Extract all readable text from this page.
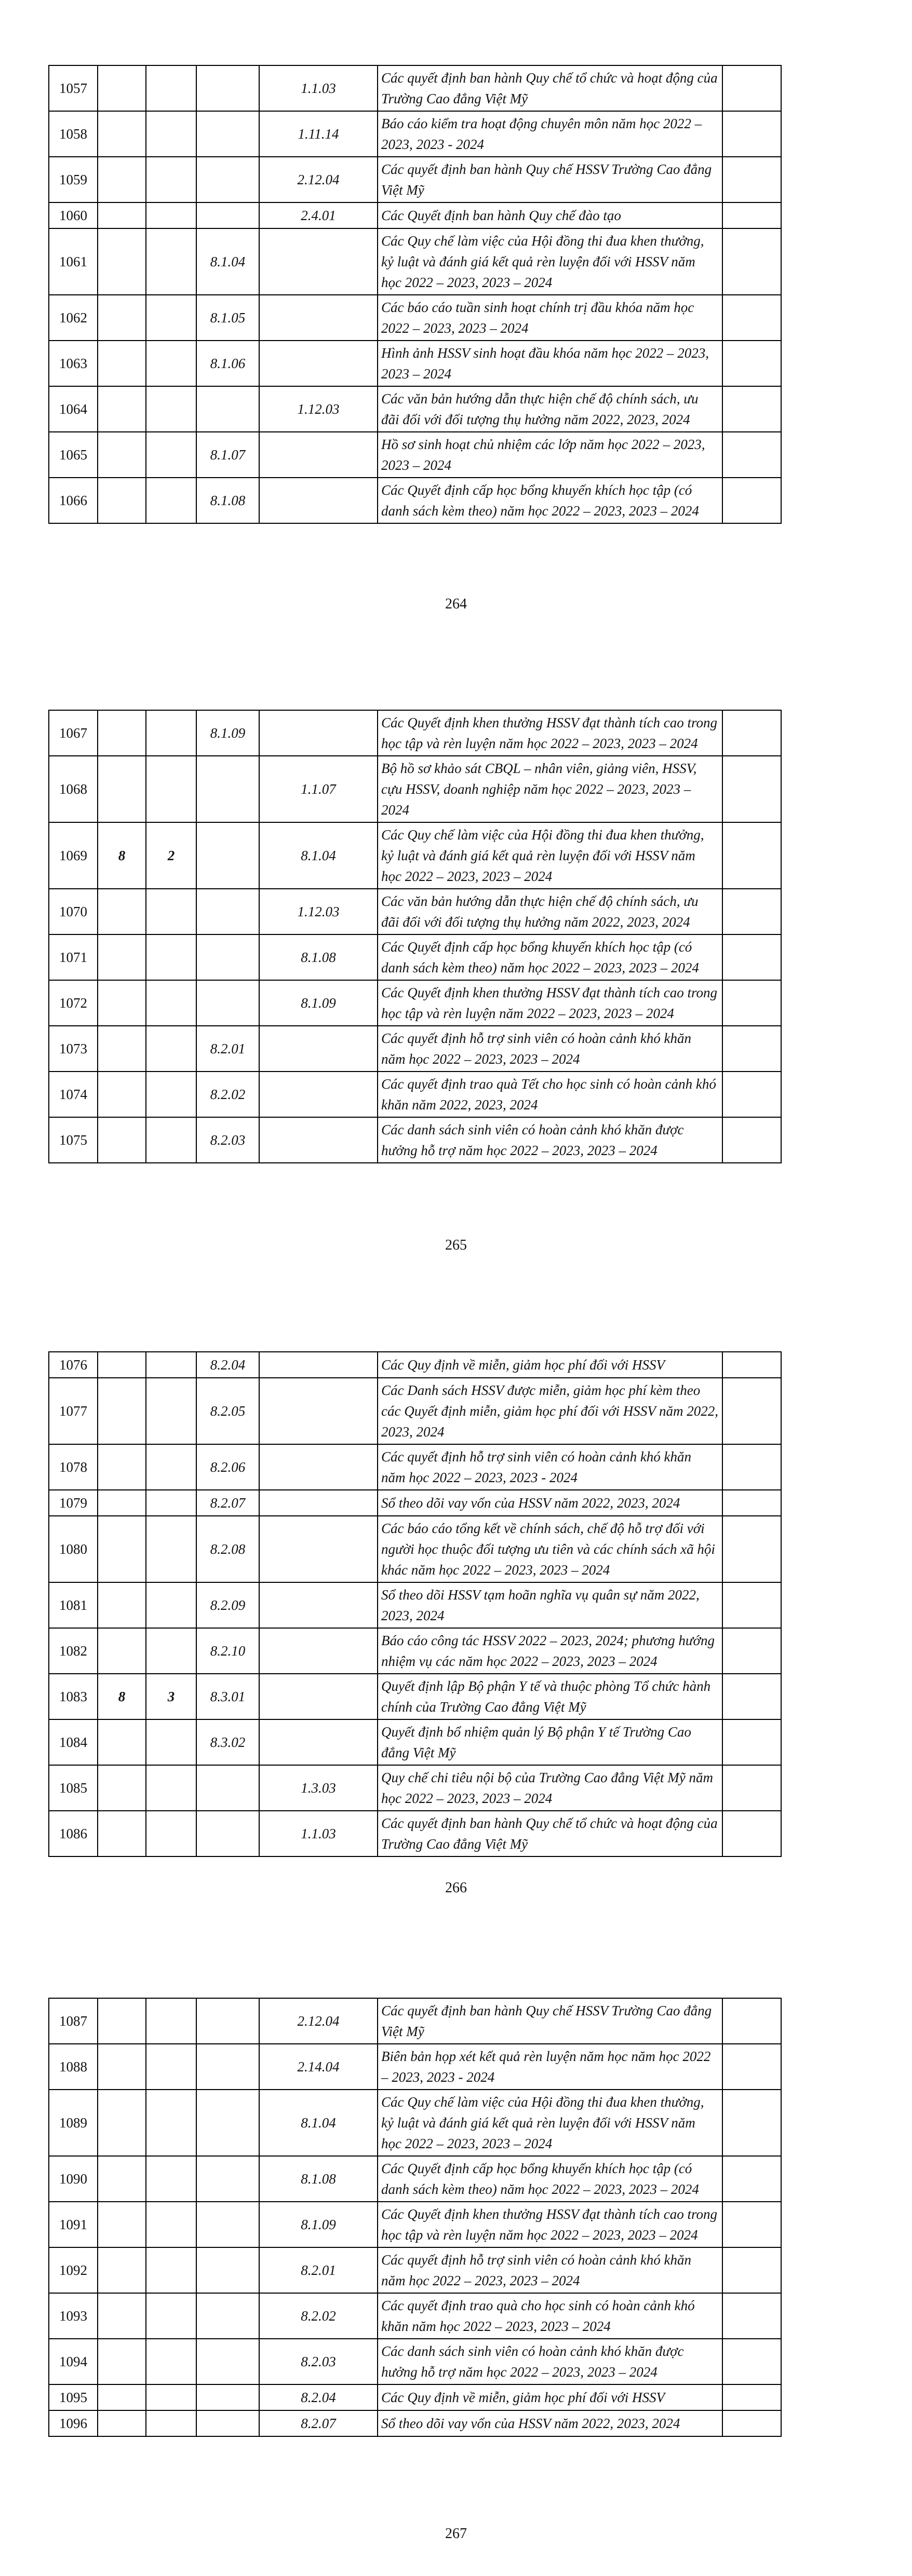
1057				1.1.03	Các quyết định ban hành Quy chế tổ chức và hoạt động của Trường Cao đẳng Việt Mỹ	
1058				1.11.14	Báo cáo kiểm tra hoạt động chuyên môn năm học 2022 – 2023, 2023 - 2024	
1059				2.12.04	Các quyết định ban hành Quy chế HSSV Trường Cao đẳng Việt Mỹ	
1060				2.4.01	Các Quyết định ban hành Quy chế đào tạo	
1061			8.1.04		Các Quy chế làm việc của Hội đồng thi đua khen thưởng, kỷ luật và đánh giá kết quả rèn luyện đối với HSSV năm học 2022 – 2023, 2023 – 2024	
1062			8.1.05		Các báo cáo tuần sinh hoạt chính trị đầu khóa năm học 2022 – 2023, 2023 – 2024	
1063			8.1.06		Hình ảnh HSSV sinh hoạt đầu khóa năm học 2022 – 2023, 2023 – 2024	
1064				1.12.03	Các văn bản hướng dẫn thực hiện chế độ chính sách, ưu đãi đối với đối tượng thụ hưởng năm 2022, 2023, 2024	
1065			8.1.07		Hồ sơ sinh hoạt chủ nhiệm các lớp năm học 2022 – 2023, 2023 – 2024	
1066			8.1.08		Các Quyết định cấp học bổng khuyến khích học tập (có danh sách kèm theo) năm học 2022 – 2023, 2023 – 2024	
264
1067			8.1.09		Các Quyết định khen thưởng HSSV đạt thành tích cao trong học tập và rèn luyện năm học 2022 – 2023, 2023 – 2024	
1068				1.1.07	Bộ hồ sơ khảo sát CBQL – nhân viên, giảng viên, HSSV, cựu HSSV, doanh nghiệp năm học 2022 – 2023, 2023 – 2024	
1069	8	2		8.1.04	Các Quy chế làm việc của Hội đồng thi đua khen thưởng, kỷ luật và đánh giá kết quả rèn luyện đối với HSSV năm học 2022 – 2023, 2023 – 2024	
1070				1.12.03	Các văn bản hướng dẫn thực hiện chế độ chính sách, ưu đãi đối với đối tượng thụ hưởng năm 2022, 2023, 2024	
1071				8.1.08	Các Quyết định cấp học bổng khuyến khích học tập (có danh sách kèm theo) năm học 2022 – 2023, 2023 – 2024	
1072				8.1.09	Các Quyết định khen thưởng HSSV đạt thành tích cao trong học tập và rèn luyện năm 2022 – 2023, 2023 – 2024	
1073			8.2.01		Các quyết định hỗ trợ sinh viên có hoàn cảnh khó khăn năm học 2022 – 2023, 2023 – 2024	
1074			8.2.02		Các quyết định trao quà Tết cho học sinh có hoàn cảnh khó khăn năm 2022, 2023, 2024	
1075			8.2.03		Các danh sách sinh viên có hoàn cảnh khó khăn được hưởng hỗ trợ năm học 2022 – 2023, 2023 – 2024	
265
1076			8.2.04		Các Quy định về miễn, giảm học phí đối với HSSV	
1077			8.2.05		Các Danh sách HSSV được miễn, giảm học phí kèm theo các Quyết định miễn, giảm học phí đối với HSSV năm 2022, 2023, 2024	
1078			8.2.06		Các quyết định hỗ trợ sinh viên có hoàn cảnh khó khăn năm học 2022 – 2023, 2023 - 2024	
1079			8.2.07		Sổ theo dõi vay vốn của HSSV năm 2022, 2023, 2024	
1080			8.2.08		Các báo cáo tổng kết về chính sách, chế độ hỗ trợ đối với người học thuộc đối tượng ưu tiên và các chính sách xã hội khác năm học 2022 – 2023, 2023 – 2024	
1081			8.2.09		Sổ theo dõi HSSV tạm hoãn nghĩa vụ quân sự năm 2022, 2023, 2024	
1082			8.2.10		Báo cáo công tác HSSV 2022 – 2023, 2024; phương hướng nhiệm vụ các năm học 2022 – 2023, 2023 – 2024	
1083	8	3	8.3.01		Quyết định lập Bộ phận Y tế và thuộc phòng Tổ chức hành chính của Trường Cao đẳng Việt Mỹ	
1084			8.3.02		Quyết định bổ nhiệm quản lý Bộ phận Y tế Trường Cao đẳng Việt Mỹ	
1085				1.3.03	Quy chế chi tiêu nội bộ của Trường Cao đẳng Việt Mỹ năm học 2022 – 2023, 2023 – 2024	
1086				1.1.03	Các quyết định ban hành Quy chế tổ chức và hoạt động của Trường Cao đẳng Việt Mỹ	
266
1087				2.12.04	Các quyết định ban hành Quy chế HSSV Trường Cao đẳng Việt Mỹ	
1088				2.14.04	Biên bản họp xét kết quả rèn luyện năm học năm học 2022 – 2023, 2023 - 2024	
1089				8.1.04	Các Quy chế làm việc của Hội đồng thi đua khen thưởng, kỷ luật và đánh giá kết quả rèn luyện đối với HSSV năm học 2022 – 2023, 2023 – 2024	
1090				8.1.08	Các Quyết định cấp học bổng khuyến khích học tập (có danh sách kèm theo) năm học 2022 – 2023, 2023 – 2024	
1091				8.1.09	Các Quyết định khen thưởng HSSV đạt thành tích cao trong học tập và rèn luyện năm học 2022 – 2023, 2023 – 2024	
1092				8.2.01	Các quyết định hỗ trợ sinh viên có hoàn cảnh khó khăn năm học 2022 – 2023, 2023 – 2024	
1093				8.2.02	Các quyết định trao quà cho học sinh có hoàn cảnh khó khăn năm học 2022 – 2023, 2023 – 2024	
1094				8.2.03	Các danh sách sinh viên có hoàn cảnh khó khăn được hưởng hỗ trợ năm học 2022 – 2023, 2023 – 2024	
1095				8.2.04	Các Quy định về miễn, giảm học phí đối với HSSV	
1096				8.2.07	Sổ theo dõi vay vốn của HSSV năm 2022, 2023, 2024	
267
